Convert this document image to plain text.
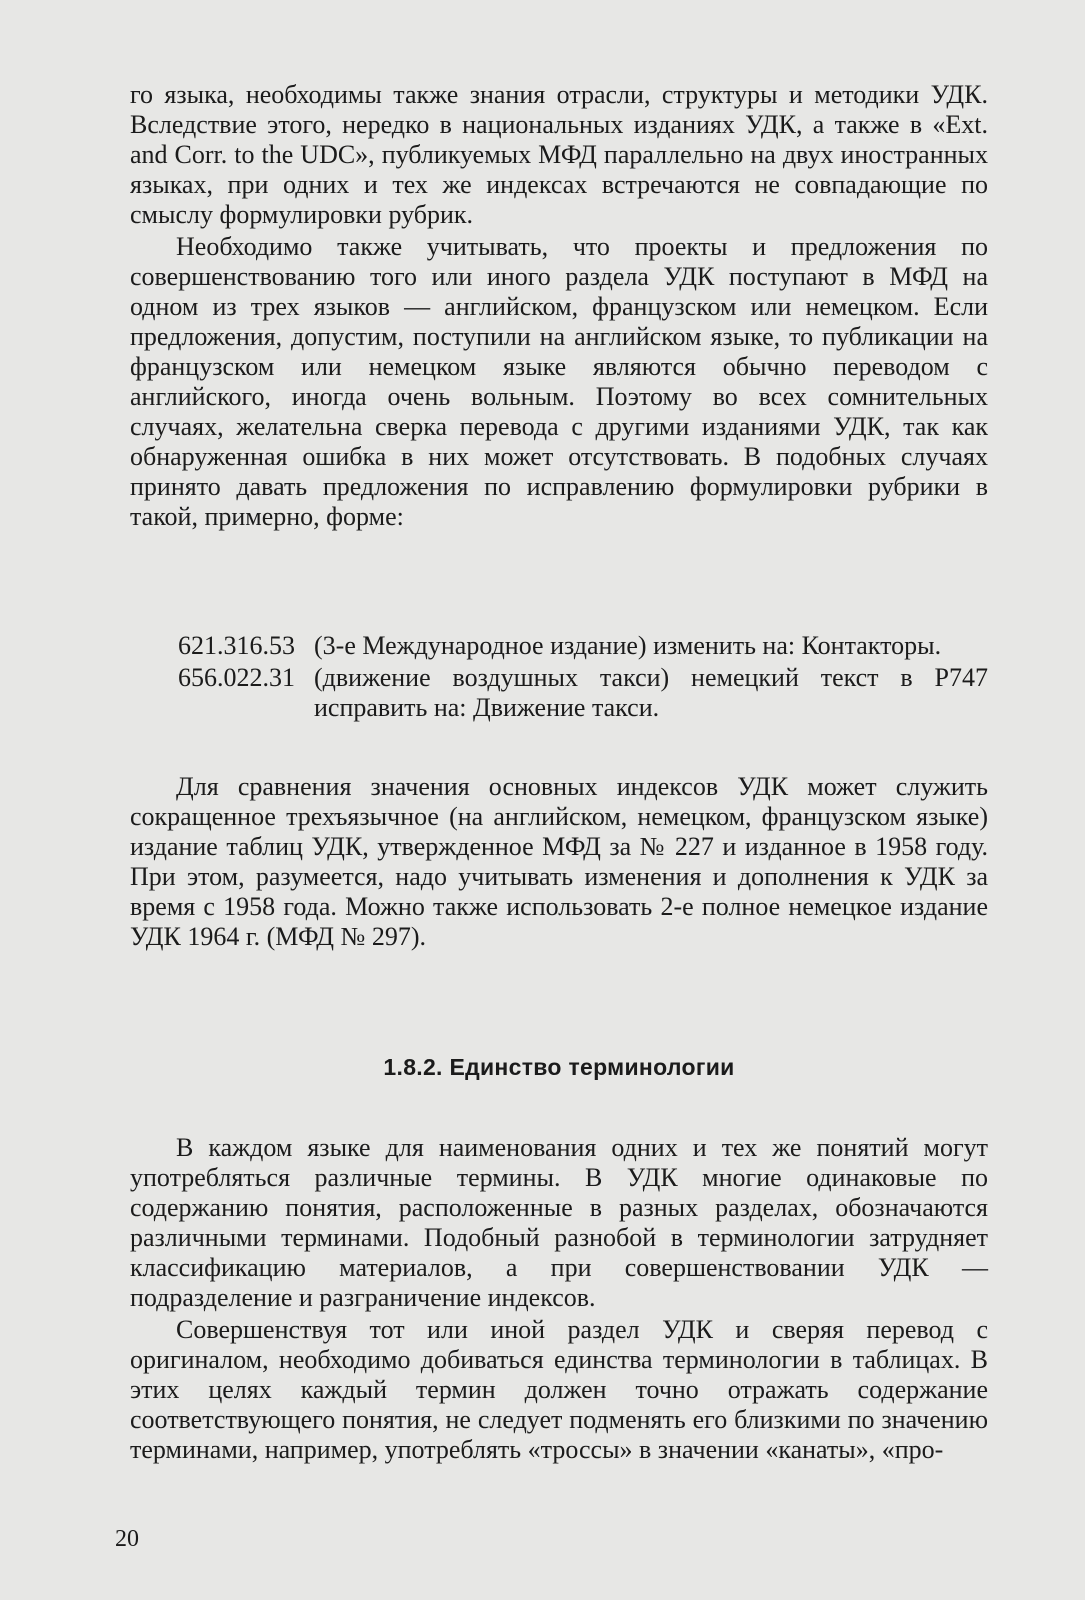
го языка, необходимы также знания отрасли, структуры и методики УДК. Вследствие этого, нередко в национальных изданиях УДК, а также в «Ext. and Corr. to the UDC», публикуемых МФД параллельно на двух иностранных языках, при одних и тех же индексах встречаются не совпадающие по смыслу формулировки рубрик.

Необходимо также учитывать, что проекты и предложения по совершенствованию того или иного раздела УДК поступают в МФД на одном из трех языков — английском, французском или немецком. Если предложения, допустим, поступили на английском языке, то публикации на французском или немецком языке являются обычно переводом с английского, иногда очень вольным. Поэтому во всех сомнительных случаях, желательна сверка перевода с другими изданиями УДК, так как обнаруженная ошибка в них может отсутствовать. В подобных случаях принято давать предложения по исправлению формулировки рубрики в такой, примерно, форме:

621.316.53 (3-е Международное издание) изменить на: Контакторы.
656.022.31 (движение воздушных такси) немецкий текст в Р747 исправить на: Движение такси.

Для сравнения значения основных индексов УДК может служить сокращенное трехъязычное (на английском, немецком, французском языке) издание таблиц УДК, утвержденное МФД за № 227 и изданное в 1958 году. При этом, разумеется, надо учитывать изменения и дополнения к УДК за время с 1958 года. Можно также использовать 2-е полное немецкое издание УДК 1964 г. (МФД № 297).

1.8.2. Единство терминологии

В каждом языке для наименования одних и тех же понятий могут употребляться различные термины. В УДК многие одинаковые по содержанию понятия, расположенные в разных разделах, обозначаются различными терминами. Подобный разнобой в терминологии затрудняет классификацию материалов, а при совершенствовании УДК — подразделение и разграничение индексов.

Совершенствуя тот или иной раздел УДК и сверяя перевод с оригиналом, необходимо добиваться единства терминологии в таблицах. В этих целях каждый термин должен точно отражать содержание соответствующего понятия, не следует подменять его близкими по значению терминами, например, употреблять «троссы» в значении «канаты», «про-

20
